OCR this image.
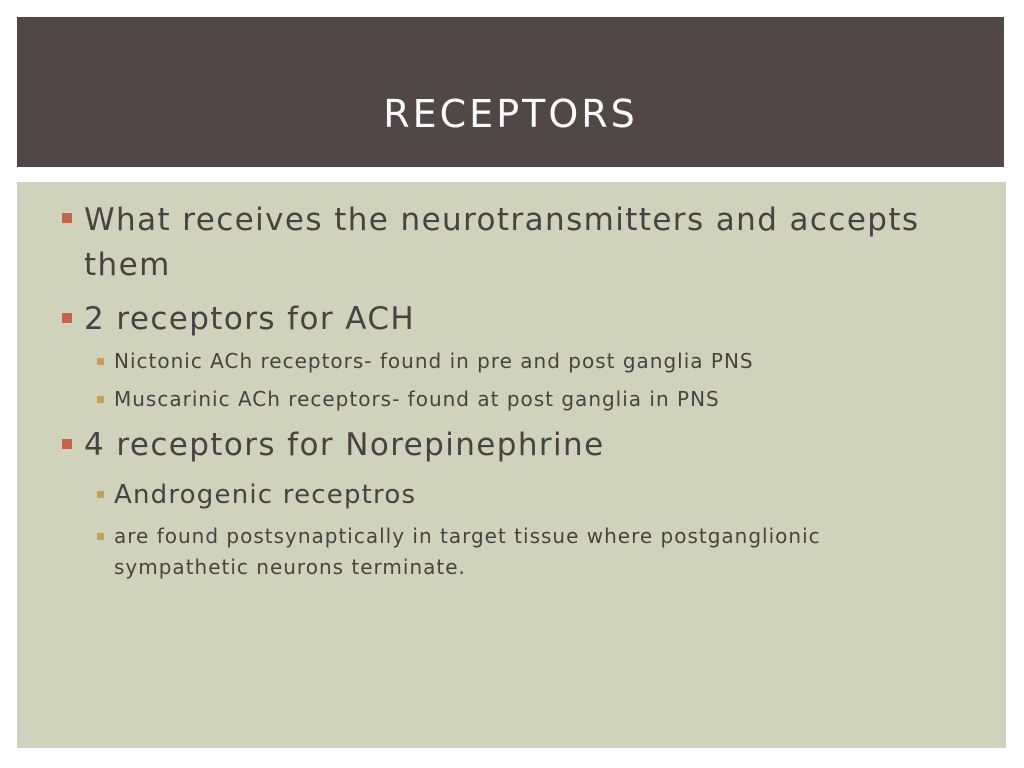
RECEPTORS
What receives the neurotransmitters and accepts
them
2 receptors for ACH
Nictonic ACh receptors- found in pre and post ganglia PNS
Muscarinic ACh receptors- found at post ganglia in PNS
4 receptors for Norepinephrine
Androgenic receptros
are found postsynaptically in target tissue where postganglionic
sympathetic neurons terminate.
